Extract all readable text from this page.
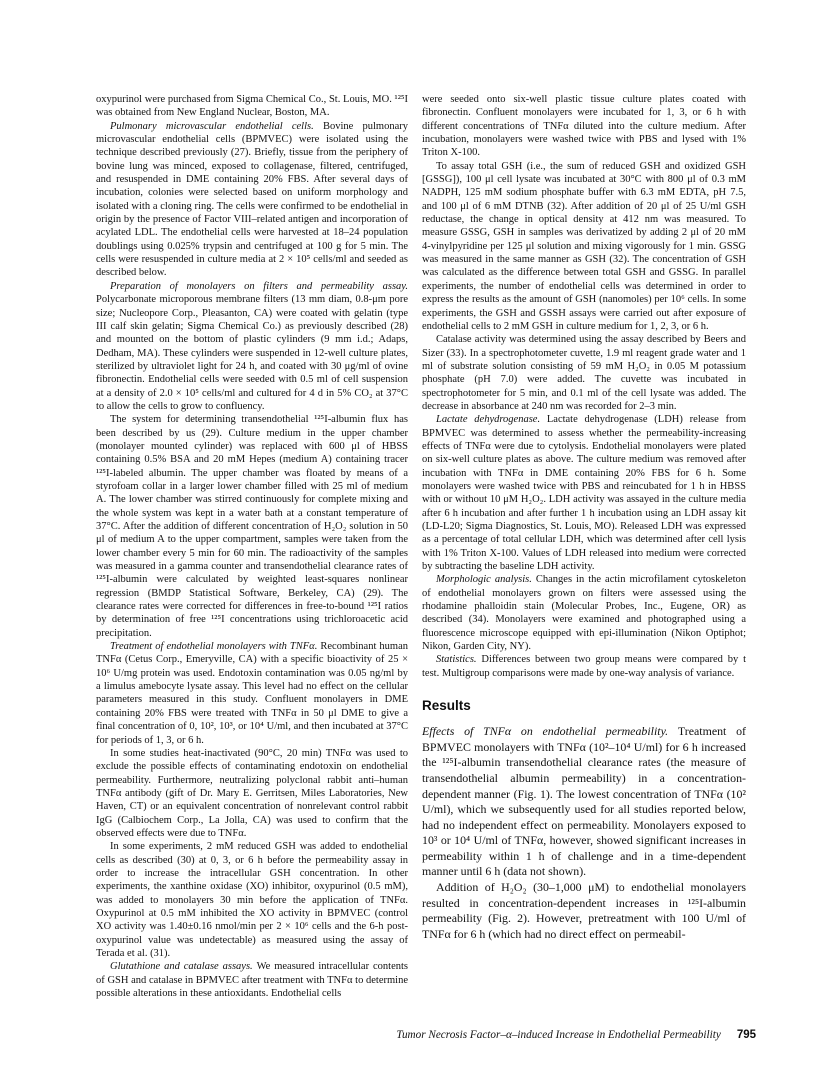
oxypurinol were purchased from Sigma Chemical Co., St. Louis, MO. ¹²⁵I was obtained from New England Nuclear, Boston, MA.

Pulmonary microvascular endothelial cells. Bovine pulmonary microvascular endothelial cells (BPMVEC) were isolated using the technique described previously (27). Briefly, tissue from the periphery of bovine lung was minced, exposed to collagenase, filtered, centrifuged, and resuspended in DME containing 20% FBS. After several days of incubation, colonies were selected based on uniform morphology and isolated with a cloning ring. The cells were confirmed to be endothelial in origin by the presence of Factor VIII–related antigen and incorporation of acylated LDL. The endothelial cells were harvested at 18–24 population doublings using 0.025% trypsin and centrifuged at 100 g for 5 min. The cells were resuspended in culture media at 2 × 10⁵ cells/ml and seeded as described below.

Preparation of monolayers on filters and permeability assay. Polycarbonate microporous membrane filters (13 mm diam, 0.8-μm pore size; Nucleopore Corp., Pleasanton, CA) were coated with gelatin (type III calf skin gelatin; Sigma Chemical Co.) as previously described (28) and mounted on the bottom of plastic cylinders (9 mm i.d.; Adaps, Dedham, MA). These cylinders were suspended in 12-well culture plates, sterilized by ultraviolet light for 24 h, and coated with 30 μg/ml of ovine fibronectin. Endothelial cells were seeded with 0.5 ml of cell suspension at a density of 2.0 × 10⁵ cells/ml and cultured for 4 d in 5% CO₂ at 37°C to allow the cells to grow to confluency.

The system for determining transendothelial ¹²⁵I-albumin flux has been described by us (29). Culture medium in the upper chamber (monolayer mounted cylinder) was replaced with 600 μl of HBSS containing 0.5% BSA and 20 mM Hepes (medium A) containing tracer ¹²⁵I-labeled albumin. The upper chamber was floated by means of a styrofoam collar in a larger lower chamber filled with 25 ml of medium A. The lower chamber was stirred continuously for complete mixing and the whole system was kept in a water bath at a constant temperature of 37°C. After the addition of different concentration of H₂O₂ solution in 50 μl of medium A to the upper compartment, samples were taken from the lower chamber every 5 min for 60 min. The radioactivity of the samples was measured in a gamma counter and transendothelial clearance rates of ¹²⁵I-albumin were calculated by weighted least-squares nonlinear regression (BMDP Statistical Software, Berkeley, CA) (29). The clearance rates were corrected for differences in free-to-bound ¹²⁵I ratios by determination of free ¹²⁵I concentrations using trichloroacetic acid precipitation.

Treatment of endothelial monolayers with TNFα. Recombinant human TNFα (Cetus Corp., Emeryville, CA) with a specific bioactivity of 25 × 10⁶ U/mg protein was used. Endotoxin contamination was 0.05 ng/ml by a limulus amebocyte lysate assay. This level had no effect on the cellular parameters measured in this study. Confluent monolayers in DME containing 20% FBS were treated with TNFα in 50 μl DME to give a final concentration of 0, 10², 10³, or 10⁴ U/ml, and then incubated at 37°C for periods of 1, 3, or 6 h.

In some studies heat-inactivated (90°C, 20 min) TNFα was used to exclude the possible effects of contaminating endotoxin on endothelial permeability. Furthermore, neutralizing polyclonal rabbit anti–human TNFα antibody (gift of Dr. Mary E. Gerritsen, Miles Laboratories, New Haven, CT) or an equivalent concentration of nonrelevant control rabbit IgG (Calbiochem Corp., La Jolla, CA) was used to confirm that the observed effects were due to TNFα.

In some experiments, 2 mM reduced GSH was added to endothelial cells as described (30) at 0, 3, or 6 h before the permeability assay in order to increase the intracellular GSH concentration. In other experiments, the xanthine oxidase (XO) inhibitor, oxypurinol (0.5 mM), was added to monolayers 30 min before the application of TNFα. Oxypurinol at 0.5 mM inhibited the XO activity in BPMVEC (control XO activity was 1.40±0.16 nmol/min per 2 × 10⁶ cells and the 6-h post-oxypurinol value was undetectable) as measured using the assay of Terada et al. (31).

Glutathione and catalase assays. We measured intracellular contents of GSH and catalase in BPMVEC after treatment with TNFα to determine possible alterations in these antioxidants. Endothelial cells

were seeded onto six-well plastic tissue culture plates coated with fibronectin. Confluent monolayers were incubated for 1, 3, or 6 h with different concentrations of TNFα diluted into the culture medium. After incubation, monolayers were washed twice with PBS and lysed with 1% Triton X-100.

To assay total GSH (i.e., the sum of reduced GSH and oxidized GSH [GSSG]), 100 μl cell lysate was incubated at 30°C with 800 μl of 0.3 mM NADPH, 125 mM sodium phosphate buffer with 6.3 mM EDTA, pH 7.5, and 100 μl of 6 mM DTNB (32). After addition of 20 μl of 25 U/ml GSH reductase, the change in optical density at 412 nm was measured. To measure GSSG, GSH in samples was derivatized by adding 2 μl of 20 mM 4-vinylpyridine per 125 μl solution and mixing vigorously for 1 min. GSSG was measured in the same manner as GSH (32). The concentration of GSH was calculated as the difference between total GSH and GSSG. In parallel experiments, the number of endothelial cells was determined in order to express the results as the amount of GSH (nanomoles) per 10⁶ cells. In some experiments, the GSH and GSSH assays were carried out after exposure of endothelial cells to 2 mM GSH in culture medium for 1, 2, 3, or 6 h.

Catalase activity was determined using the assay described by Beers and Sizer (33). In a spectrophotometer cuvette, 1.9 ml reagent grade water and 1 ml of substrate solution consisting of 59 mM H₂O₂ in 0.05 M potassium phosphate (pH 7.0) were added. The cuvette was incubated in spectrophotometer for 5 min, and 0.1 ml of the cell lysate was added. The decrease in absorbance at 240 nm was recorded for 2–3 min.

Lactate dehydrogenase. Lactate dehydrogenase (LDH) release from BPMVEC was determined to assess whether the permeability-increasing effects of TNFα were due to cytolysis. Endothelial monolayers were plated on six-well culture plates as above. The culture medium was removed after incubation with TNFα in DME containing 20% FBS for 6 h. Some monolayers were washed twice with PBS and reincubated for 1 h in HBSS with or without 10 μM H₂O₂. LDH activity was assayed in the culture media after 6 h incubation and after further 1 h incubation using an LDH assay kit (LD-L20; Sigma Diagnostics, St. Louis, MO). Released LDH was expressed as a percentage of total cellular LDH, which was determined after cell lysis with 1% Triton X-100. Values of LDH released into medium were corrected by subtracting the baseline LDH activity.

Morphologic analysis. Changes in the actin microfilament cytoskeleton of endothelial monolayers grown on filters were assessed using the rhodamine phalloidin stain (Molecular Probes, Inc., Eugene, OR) as described (34). Monolayers were examined and photographed using a fluorescence microscope equipped with epi-illumination (Nikon Optiphot; Nikon, Garden City, NY).

Statistics. Differences between two group means were compared by t test. Multigroup comparisons were made by one-way analysis of variance.

Results

Effects of TNFα on endothelial permeability. Treatment of BPMVEC monolayers with TNFα (10²–10⁴ U/ml) for 6 h increased the ¹²⁵I-albumin transendothelial clearance rates (the measure of transendothelial albumin permeability) in a concentration-dependent manner (Fig. 1). The lowest concentration of TNFα (10² U/ml), which we subsequently used for all studies reported below, had no independent effect on permeability. Monolayers exposed to 10³ or 10⁴ U/ml of TNFα, however, showed significant increases in permeability within 1 h of challenge and in a time-dependent manner until 6 h (data not shown).

Addition of H₂O₂ (30–1,000 μM) to endothelial monolayers resulted in concentration-dependent increases in ¹²⁵I-albumin permeability (Fig. 2). However, pretreatment with 100 U/ml of TNFα for 6 h (which had no direct effect on permeabil-

Tumor Necrosis Factor–α–induced Increase in Endothelial Permeability 795
